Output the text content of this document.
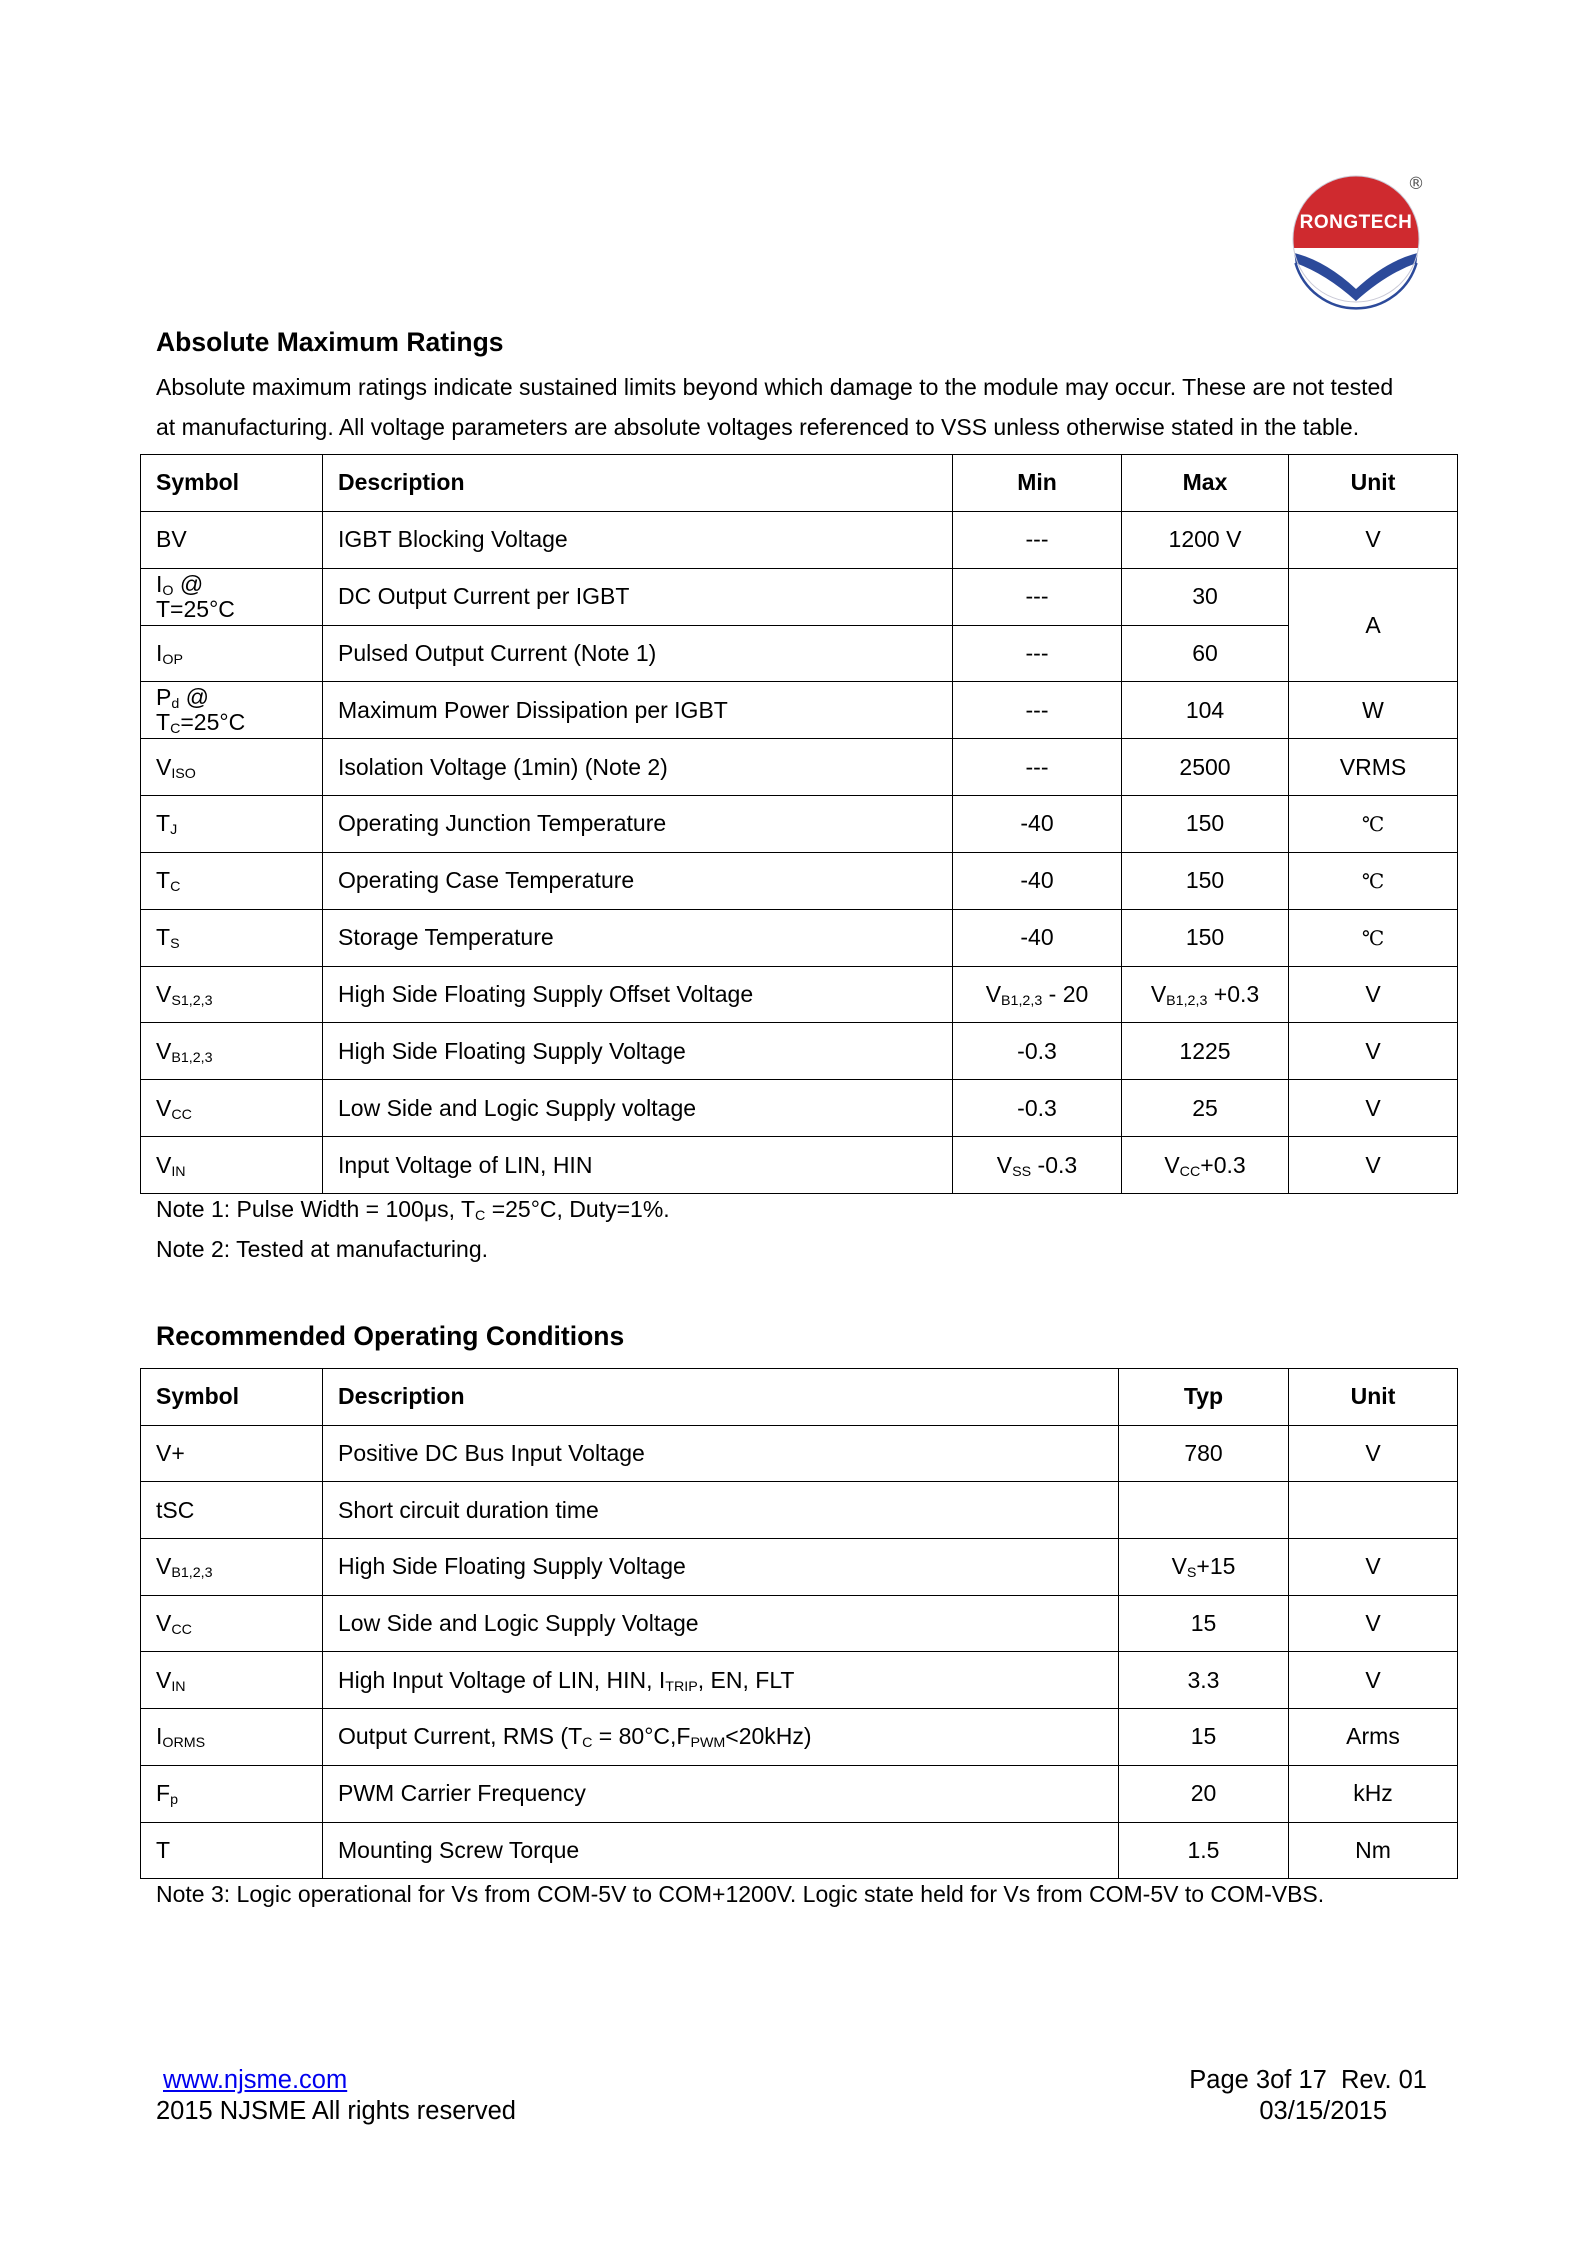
RONGTECH
®
Absolute Maximum Ratings
Absolute maximum ratings indicate sustained limits beyond which damage to the module may occur. These are not tested
at manufacturing. All voltage parameters are absolute voltages referenced to VSS unless otherwise stated in the table.
Symbol	Description	Min	Max	Unit

BV	IGBT Blocking Voltage	---	1200 V	V

$I_O$ @
T=25°C	DC Output Current per IGBT	---	30	A

$I_{OP}$	Pulsed Output Current (Note 1)	---	60	

$P_d$ @
$T_C=25^\circ C$	Maximum Power Dissipation per IGBT	---	104	W

$V_{ISO}$	Isolation Voltage (1min) (Note 2)	---	2500	VRMS

$T_J$	Operating Junction Temperature	-40	150	℃

$T_C$	Operating Case Temperature	-40	150	℃

$T_S$	Storage Temperature	-40	150	℃

$V_{S1,2,3}$	High Side Floating Supply Offset Voltage	$V_{B1,2,3} - 20$	$V_{B1,2,3} +0.3$	V

$V_{B1,2,3}$	High Side Floating Supply Voltage	-0.3	1225	V

$V_{CC}$	Low Side and Logic Supply voltage	-0.3	25	V

$V_{IN}$	Input Voltage of LIN, HIN	$V_{SS}$ -0.3	$V_{CC}+0.3$	V
Note 1: Pulse Width = 100μs, $T_C =25^\circ C$, Duty=1%.
Note 2: Tested at manufacturing.
Recommended Operating Conditions
Symbol	Description	Typ	Unit

V+	Positive DC Bus Input Voltage	780	V

tSC	Short circuit duration time		

$V_{B1,2,3}$	High Side Floating Supply Voltage	$V_S+15$	V

$V_{CC}$	Low Side and Logic Supply Voltage	15	V

$V_{IN}$	High Input Voltage of LIN, HIN, $I_{TRIP}$, EN, FLT	3.3	V

$I_{ORMS}$	Output Current, RMS $(T_C = 80^\circ C,F_{PWM}<20kHz)$	15	Arms

$F_p$	PWM Carrier Frequency	20	kHz

T	Mounting Screw Torque	1.5	Nm
Note 3: Logic operational for Vs from COM-5V to COM+1200V. Logic state held for Vs from COM-5V to COM-VBS.
www.njsme.com
2015 NJSME All rights reserved
Page 3of 17  Rev. 01
03/15/2015
